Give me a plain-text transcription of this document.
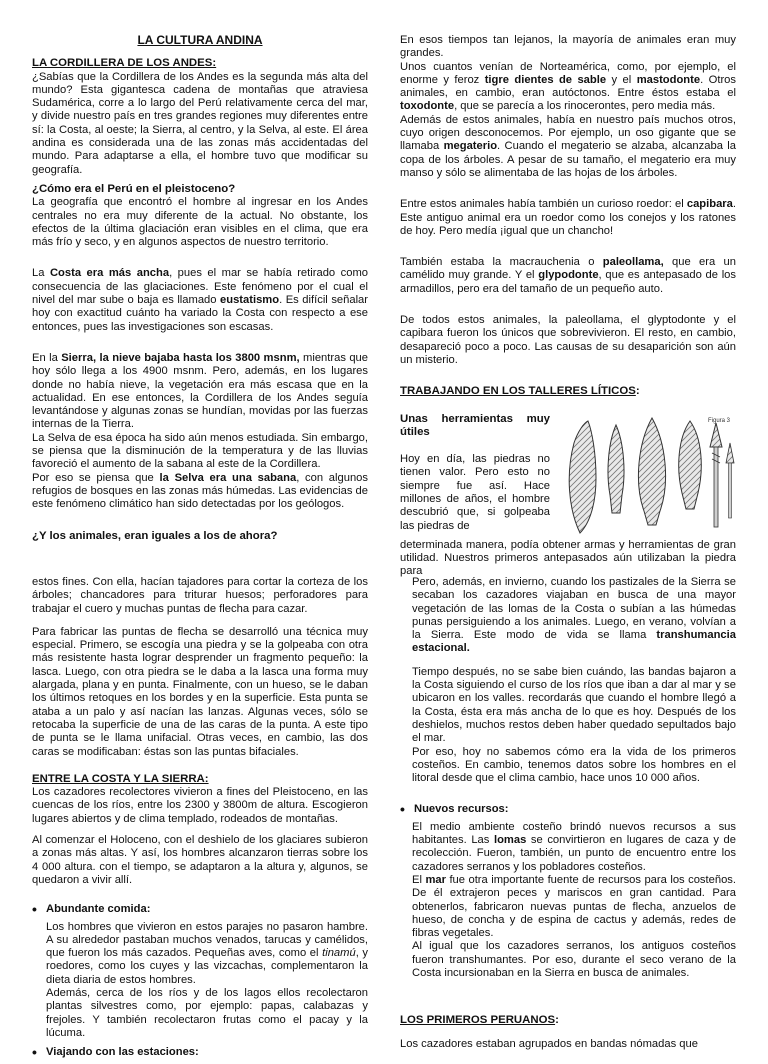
LA CULTURA ANDINA

LA CORDILLERA DE LOS ANDES:

¿Sabías que la Cordillera de los Andes es la segunda más alta del mundo? Esta gigantesca cadena de montañas que atraviesa Sudamérica, corre a lo largo del Perú relativamente cerca del mar, y divide nuestro país en tres grandes regiones muy diferentes entre sí: la Costa, al oeste; la Sierra, al centro, y la Selva, al este. El área andina es considerada una de las zonas más accidentadas del mundo. Para adaptarse a ella, el hombre tuvo que modificar su geografía.

¿Cómo era el Perú en el pleistoceno?

La geografía que encontró el hombre al ingresar en los Andes centrales no era muy diferente de la actual. No obstante, los efectos de la última glaciación eran visibles en el clima, que era más frío y seco, y en algunos aspectos de nuestro territorio.

La Costa era más ancha, pues el mar se había retirado como consecuencia de las glaciaciones. Este fenómeno por el cual el nivel del mar sube o baja es llamado eustatismo. Es difícil señalar hoy con exactitud cuánto ha variado la Costa con respecto a ese entonces, pues las investigaciones son escasas.

En la Sierra, la nieve bajaba hasta los 3800 msnm, mientras que hoy sólo llega a los 4900 msnm. Pero, además, en los lugares donde no había nieve, la vegetación era más escasa que en la actualidad. En ese entonces, la Cordillera de los Andes seguía levantándose y algunas zonas se hundían, movidas por las fuerzas internas de la Tierra.

La Selva de esa época ha sido aún menos estudiada. Sin embargo, se piensa que la disminución de la temperatura y de las lluvias favoreció el aumento de la sabana al este de la Cordillera.

Por eso se piensa que la Selva era una sabana, con algunos refugios de bosques en las zonas más húmedas. Las evidencias de este fenómeno climático han sido detectadas por los geólogos.

¿Y los animales, eran iguales a los de ahora?

En esos tiempos tan lejanos, la mayoría de animales eran muy grandes.

Unos cuantos venían de Norteamérica, como, por ejemplo, el enorme y feroz tigre dientes de sable y el mastodonte. Otros animales, en cambio, eran autóctonos. Entre éstos estaba el toxodonte, que se parecía a los rinocerontes, pero media más.

Además de estos animales, había en nuestro país muchos otros, cuyo origen desconocemos. Por ejemplo, un oso gigante que se llamaba megaterio. Cuando el megaterio se alzaba, alcanzaba la copa de los árboles. A pesar de su tamaño, el megaterio era muy manso y sólo se alimentaba de las hojas de los árboles.

Entre estos animales había también un curioso roedor: el capibara. Este antiguo animal era un roedor como los conejos y los ratones de hoy. Pero medía ¡igual que un chancho!

También estaba la macrauchenia o paleollama, que era un camélido muy grande. Y el glypodonte, que es antepasado de los armadillos, pero era del tamaño de un pequeño auto.

De todos estos animales, la paleollama, el glyptodonte y el capibara fueron los únicos que sobrevivieron. El resto, en cambio, desapareció poco a poco. Las causas de su desaparición son aún un misterio.

TRABAJANDO EN LOS TALLERES LÍTICOS:

Unas herramientas muy útiles

Hoy en día, las piedras no tienen valor. Pero esto no siempre fue así. Hace millones de años, el hombre descubrió que, si golpeaba las piedras de

Figura 3

determinada manera, podía obtener armas y herramientas de gran utilidad. Nuestros primeros antepasados aún utilizaban la piedra para

estos fines. Con ella, hacían tajadores para cortar la corteza de los árboles; chancadores para triturar huesos; perforadores para trabajar el cuero y muchas puntas de flecha para cazar.

Para fabricar las puntas de flecha se desarrolló una técnica muy especial. Primero, se escogía una piedra y se la golpeaba con otra más resistente hasta lograr desprender un fragmento pequeño: la lasca. Luego, con otra piedra se le daba a la lasca una forma muy alargada, plana y en punta. Finalmente, con un hueso, se le daban los últimos retoques en los bordes y en la superficie. Esta punta se ataba a un palo y así nacían las lanzas. Algunas veces, sólo se retocaba la superficie de una de las caras de la punta. A este tipo de punta se le llama unifacial. Otras veces, en cambio, las dos caras se modificaban: éstas son las puntas bifaciales.

ENTRE LA COSTA Y LA SIERRA:

Los cazadores recolectores vivieron a fines del Pleistoceno, en las cuencas de los ríos, entre los 2300 y 3800m de altura. Escogieron lugares abiertos y de clima templado, rodeados de montañas.

Al comenzar el Holoceno, con el deshielo de los glaciares subieron a zonas más altas. Y así, los hombres alcanzaron tierras sobre los 4 000 altura. con el tiempo, se adaptaron a la altura y, algunos, se quedaron a vivir allí.

• Abundante comida:

Los hombres que vivieron en estos parajes no pasaron hambre. A su alrededor pastaban muchos venados, tarucas y camélidos, que fueron los más cazados. Pequeñas aves, como el tinamú, y roedores, como los cuyes y las vizcachas, complementaron la dieta diaria de estos hombres.

Además, cerca de los ríos y de los lagos ellos recolectaron plantas silvestres como, por ejemplo: papas, calabazas y frejoles. Y también recolectaron frutas como el pacay y la lúcuma.

• Viajando con las estaciones:

Pero, además, en invierno, cuando los pastizales de la Sierra se secaban los cazadores viajaban en busca de una mayor vegetación de las lomas de la Costa o subían a las húmedas punas persiguiendo a los animales. Luego, en verano, volvían a la Sierra. Este modo de vida se llama transhumancia estacional.

Tiempo después, no se sabe bien cuándo, las bandas bajaron a la Costa siguiendo el curso de los ríos que iban a dar al mar y se ubicaron en los valles. recordarás que cuando el hombre llegó a la Costa, ésta era más ancha de lo que es hoy. Después de los deshielos, muchos restos deben haber quedado sepultados bajo el mar.

Por eso, hoy no sabemos cómo era la vida de los primeros costeños. En cambio, tenemos datos sobre los hombres en el litoral desde que el clima cambio, hace unos 10 000 años.

• Nuevos recursos:

El medio ambiente costeño brindó nuevos recursos a sus habitantes. Las lomas se convirtieron en lugares de caza y de recolección. Fueron, también, un punto de encuentro entre los cazadores serranos y los pobladores costeños.

El mar fue otra importante fuente de recursos para los costeños. De él extrajeron peces y mariscos en gran cantidad. Para obtenerlos, fabricaron nuevas puntas de flecha, anzuelos de hueso, de concha y de espina de cactus y además, redes de fibras vegetales.

Al igual que los cazadores serranos, los antiguos costeños fueron transhumantes. Por eso, durante el seco verano de la Costa incursionaban en la Sierra en busca de animales.

LOS PRIMEROS PERUANOS:

Los cazadores estaban agrupados en bandas nómadas que
